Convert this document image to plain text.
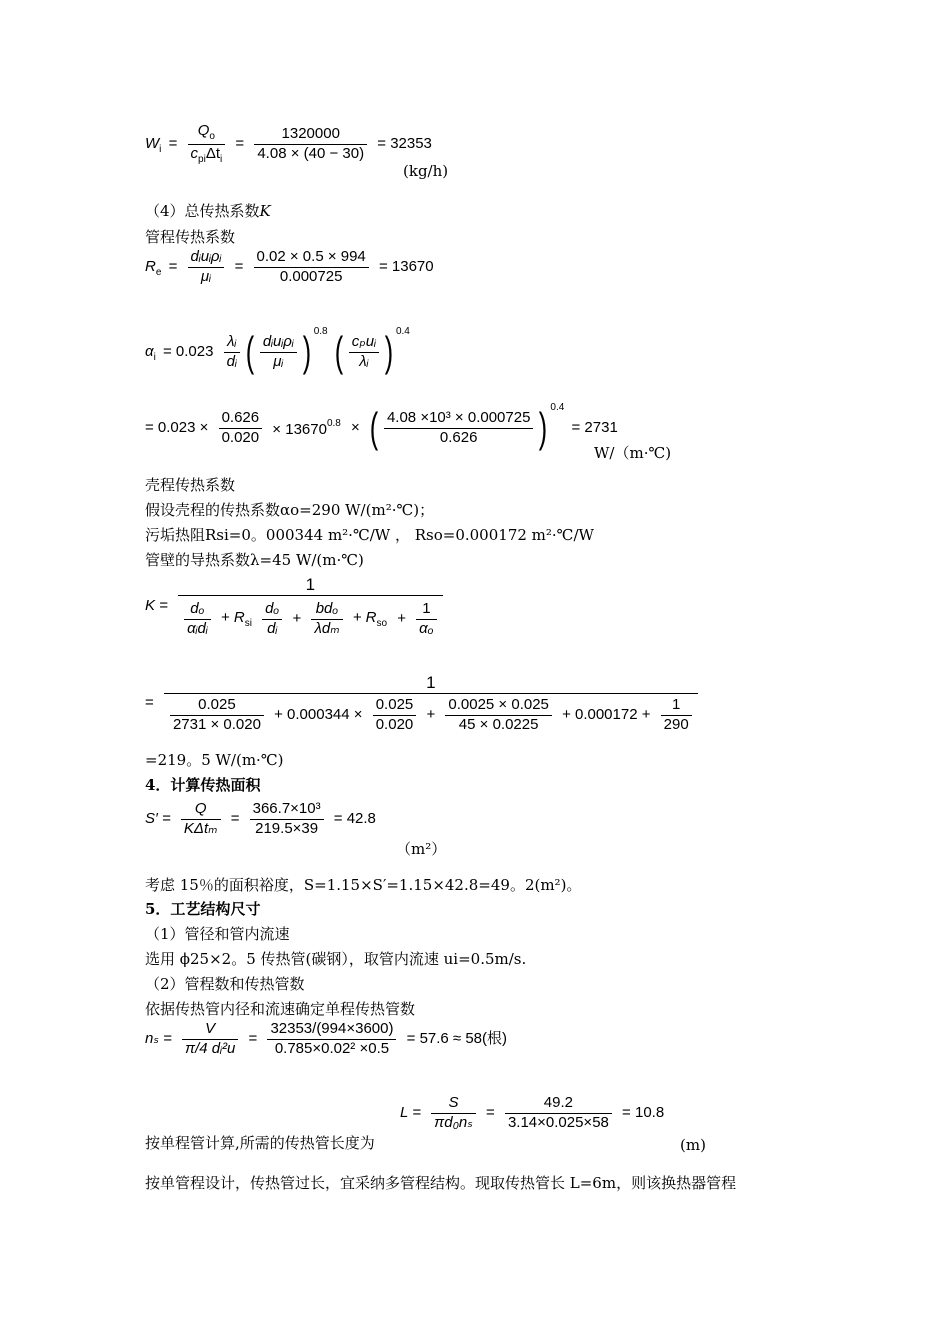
$W_i = \frac{Q_o}{c_{pi}\Delta t_i} = \frac{1320000}{4.08 \times (40 - 30)} = 32353$
(kg/h)
（4）总传热系数K
管程传热系数
$R_e = \frac{\text{dᵢuᵢρᵢ}}{\text{μᵢ}} = \frac{0.02 \times 0.5 \times 994}{0.000725} = 13670$
$\alpha_i = 0.023 \frac{\text{λᵢ}}{\text{dᵢ}}$ ( $\frac{\text{dᵢuᵢρᵢ}}{\text{μᵢ}}$ ) $^{0.8}$ ( $\frac{\text{cₚuᵢ}}{\text{λᵢ}}$ ) $^{0.4}$
= $0.023 \times \frac{0.626}{0.020} \times 13670^{0.8}$ × ( $\frac{\text{4.08 ×10³ × 0.000725}}{0.626}$ ) $^{0.4}$ = 2731
W/（m·℃)
壳程传热系数
假设壳程的传热系数αo=290 W/(m²·℃)；
污垢热阻Rsi=0。000344 m²·℃/W ， Rso=0.000172 m²·℃/W
管壁的导热系数λ=45 W/(m·℃)
K =
1
$\frac{\text{dₒ}}{\text{αᵢdᵢ}} + R_{si} \frac{\text{dₒ}}{\text{dᵢ}} + \frac{\text{bdₒ}}{\text{λdₘ}} + R_{so} + \frac{1}{\text{αₒ}}$
=
1
$\frac{0.025}{2731 \times 0.020} + 0.000344 \times \frac{0.025}{0.020} + \frac{0.0025 \times 0.025}{45 \times 0.0225} + 0.000172 + \frac{1}{290}$
=219。5 W/(m·℃)
4．计算传热面积
$S' = \frac{Q}{\text{KΔtₘ}} = \frac{\text{366.7×10³}}{219.5\times 39} = 42.8$
（m²）
考虑 15％的面积裕度，S=1.15×S′=1.15×42.8=49。2(m²)。
5．工艺结构尺寸
（1）管径和管内流速
选用 ϕ25×2。5 传热管(碳钢），取管内流速 ui=0.5m/s.
（2）管程数和传热管数
依据传热管内径和流速确定单程传热管数
$n_s = \frac{V}{\text{π/4 dᵢ²u}} = \frac{32353/(994\times 3600)}{\text{0.785×0.02² ×0.5}} = 57.6 \approx 58$(根)
$L = \frac{S}{\text{πd₀nₛ}} = \frac{49.2}{3.14\times 0.025\times 58} = 10.8$
按单程管计算,所需的传热管长度为	(m)
按单管程设计，传热管过长，宜采纳多管程结构。现取传热管长 L=6m，则该换热器管程
